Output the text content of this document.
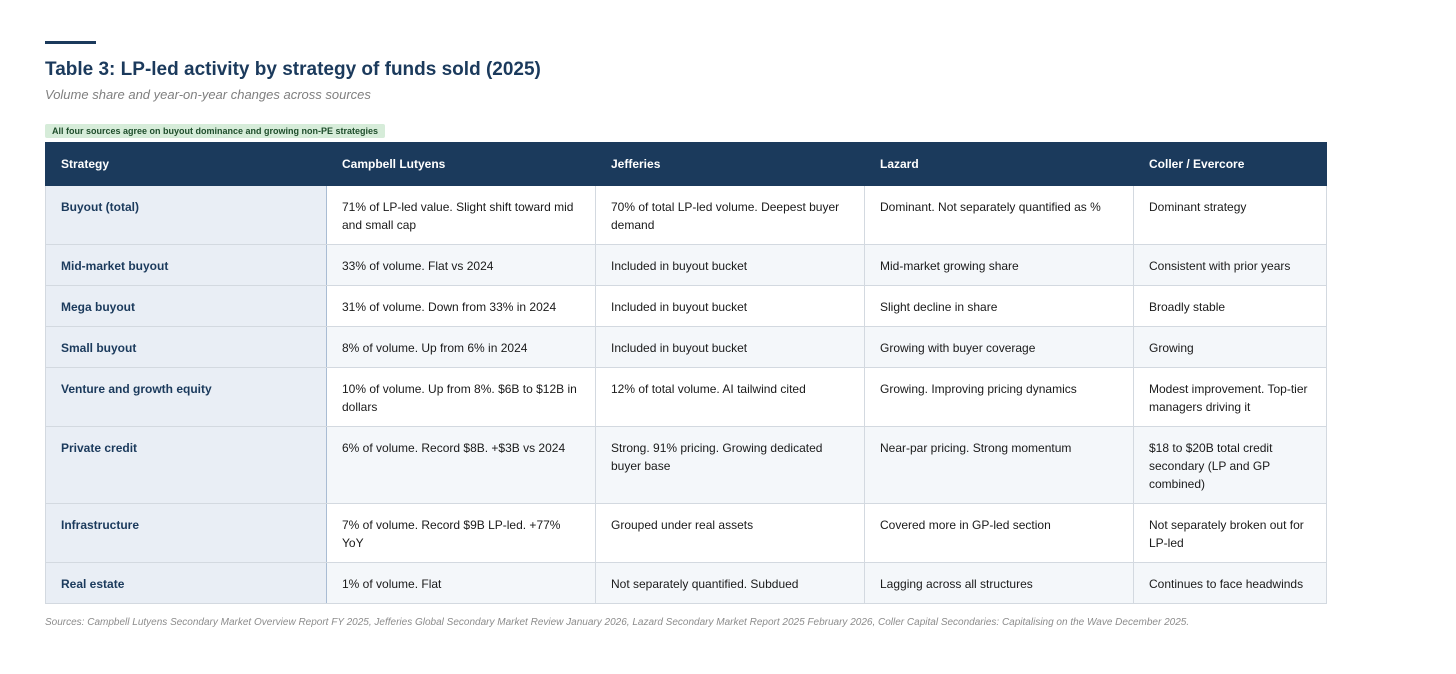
Table 3: LP-led activity by strategy of funds sold (2025)

Volume share and year-on-year changes across sources

All four sources agree on buyout dominance and growing non-PE strategies
Strategy	Campbell Lutyens	Jefferies	Lazard	Coller / Evercore
Buyout (total)	71% of LP-led value. Slight shift toward mid and small cap	70% of total LP-led volume. Deepest buyer demand	Dominant. Not separately quantified as %	Dominant strategy
Mid-market buyout	33% of volume. Flat vs 2024	Included in buyout bucket	Mid-market growing share	Consistent with prior years
Mega buyout	31% of volume. Down from 33% in 2024	Included in buyout bucket	Slight decline in share	Broadly stable
Small buyout	8% of volume. Up from 6% in 2024	Included in buyout bucket	Growing with buyer coverage	Growing
Venture and growth equity	10% of volume. Up from 8%. $6B to $12B in dollars	12% of total volume. AI tailwind cited	Growing. Improving pricing dynamics	Modest improvement. Top-tier managers driving it
Private credit	6% of volume. Record $8B. +$3B vs 2024	Strong. 91% pricing. Growing dedicated buyer base	Near-par pricing. Strong momentum	$18 to $20B total credit secondary (LP and GP combined)
Infrastructure	7% of volume. Record $9B LP-led. +77% YoY	Grouped under real assets	Covered more in GP-led section	Not separately broken out for LP-led
Real estate	1% of volume. Flat	Not separately quantified. Subdued	Lagging across all structures	Continues to face headwinds

Sources: Campbell Lutyens Secondary Market Overview Report FY 2025, Jefferies Global Secondary Market Review January 2026, Lazard Secondary Market Report 2025 February 2026, Coller Capital Secondaries: Capitalising on the Wave December 2025.
